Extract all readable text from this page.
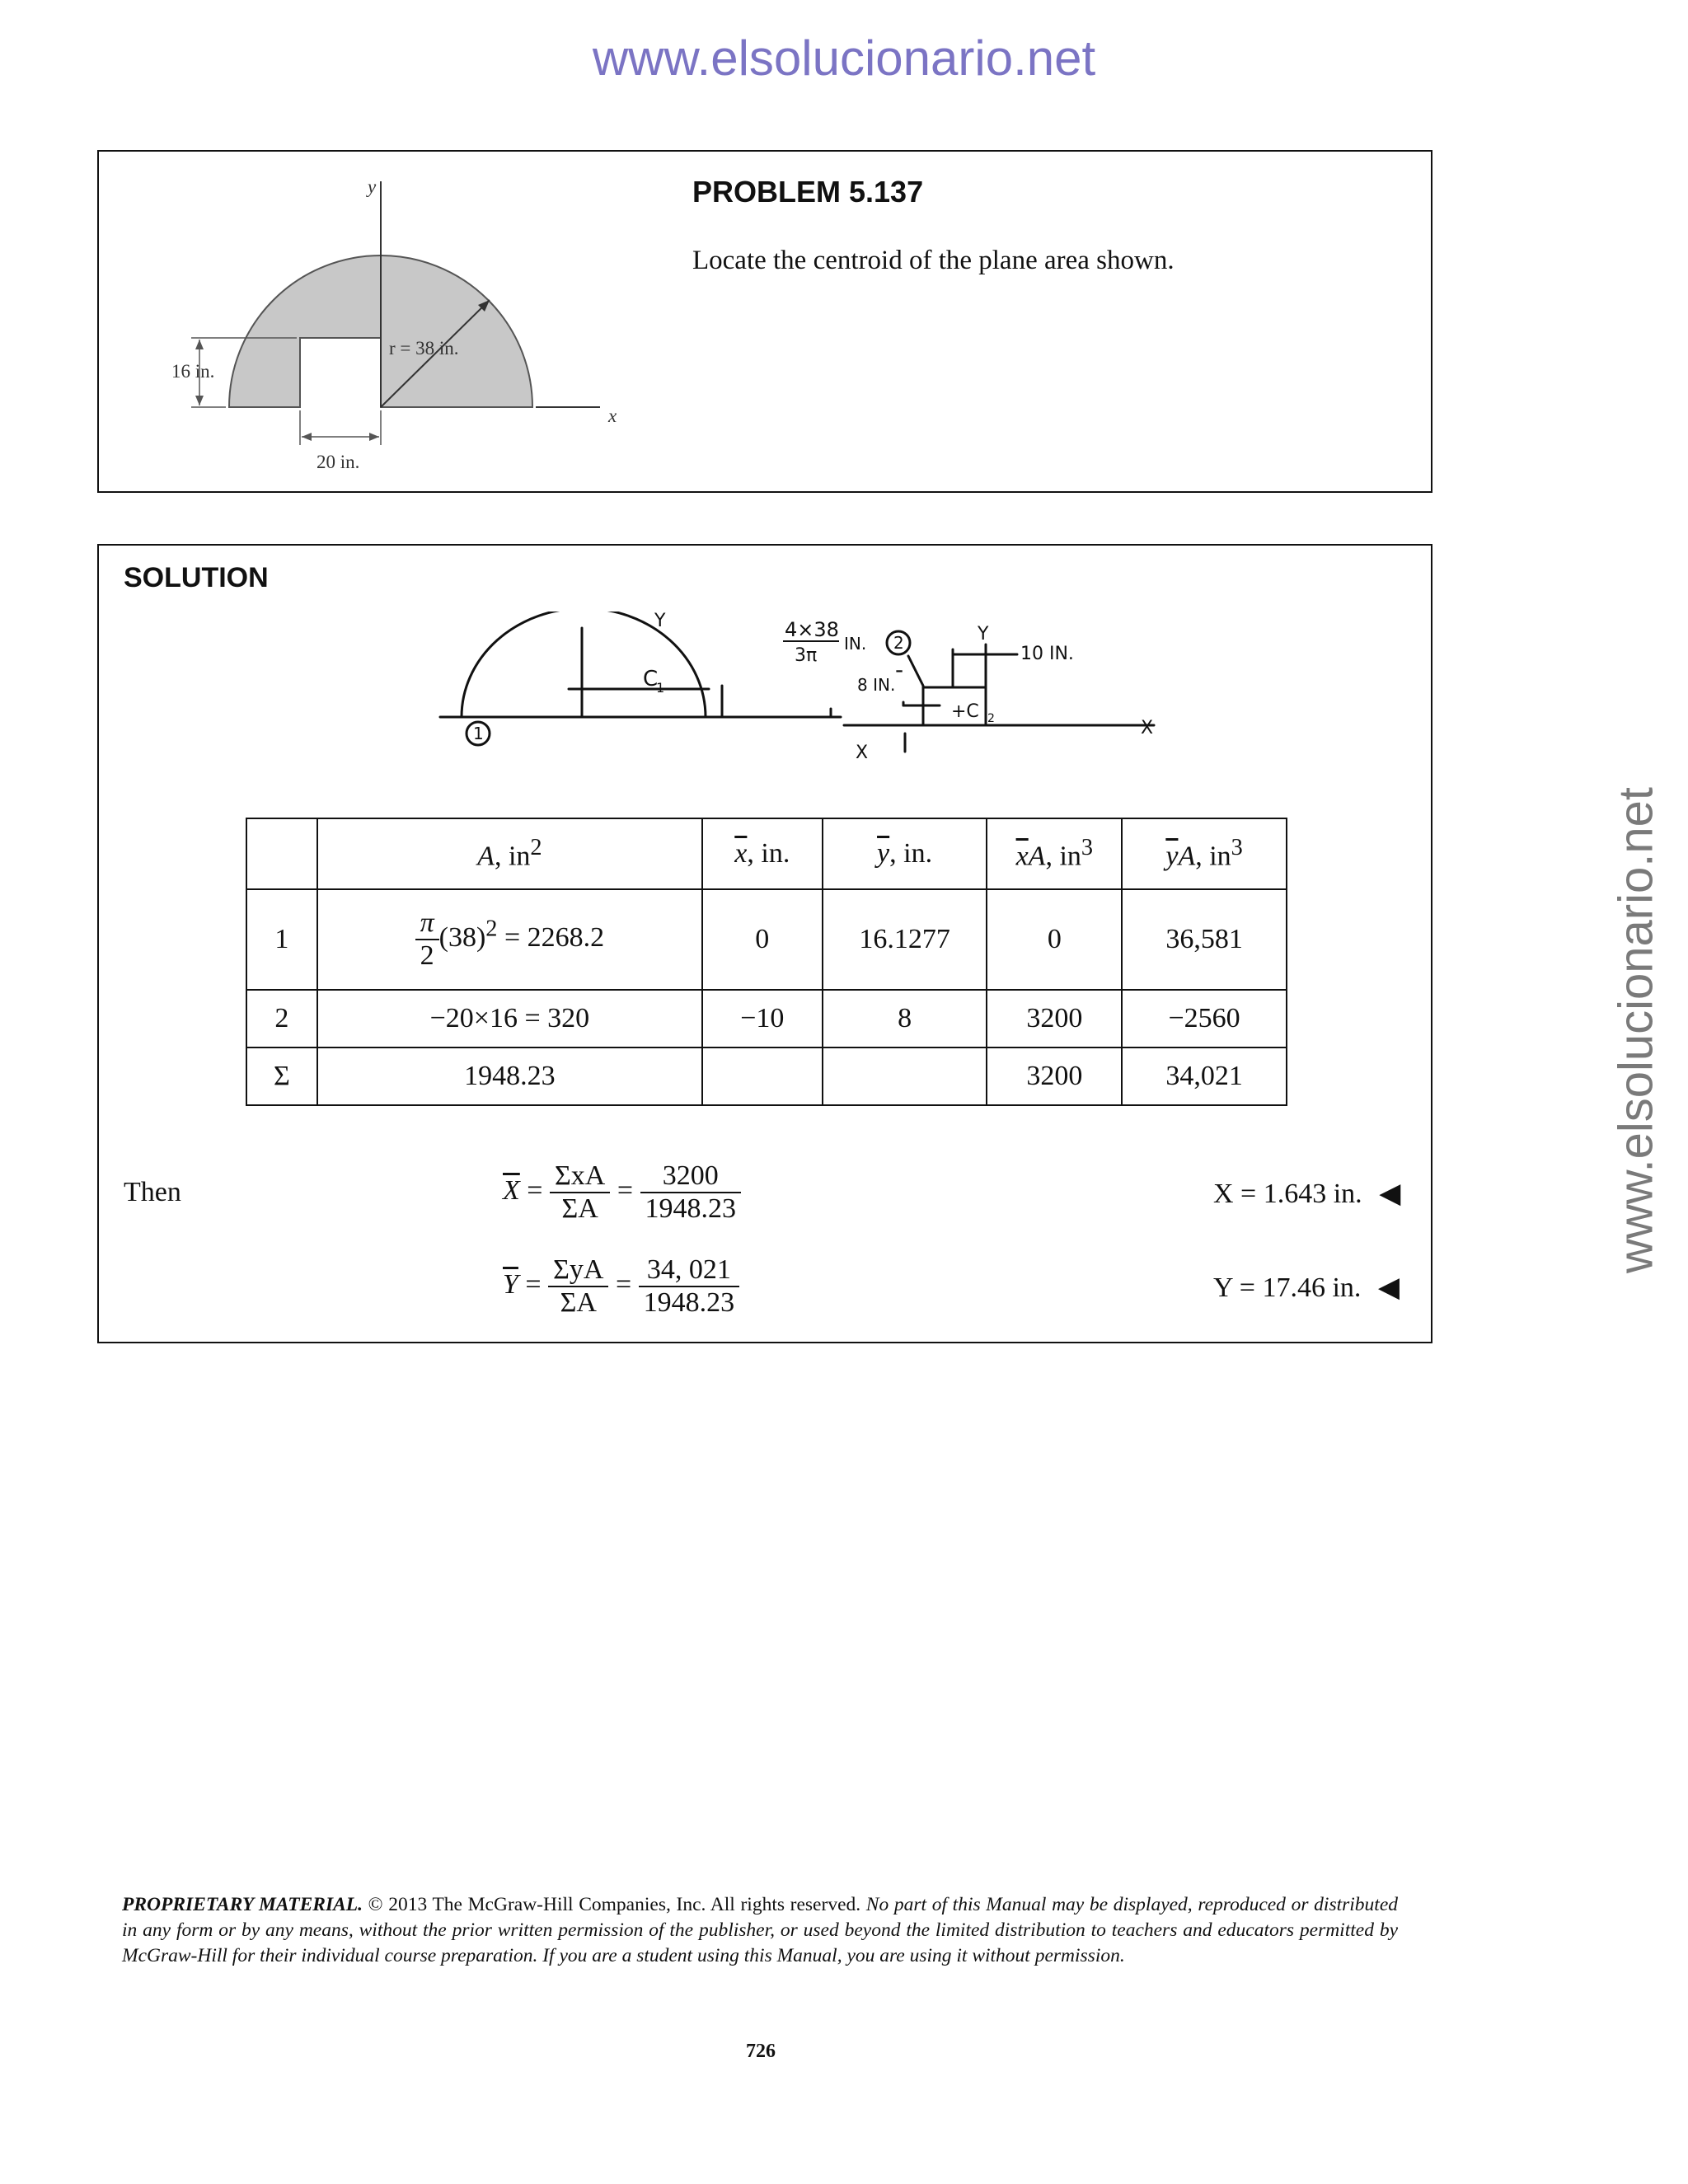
www.elsolucionario.net
www.elsolucionario.net
y
x
r = 38 in.
16 in.
20 in.
PROBLEM 5.137
Locate the centroid of the plane area shown.
SOLUTION
Y
1
C
1
4×38
3π
IN.
X
-
2	Y
10 IN.
8 IN.
+C 2	X
	A, $in^2$	$\overline{x}$, in.	$\overline{y}$, in.	$\overline{x}A$, $in^3$	$\overline{y}A$, $in^3$
1	$\frac{\pi}{2} (38)^2 = 2268.2$	0	16.1277	0	36,581
2	−20×16 = 320	−10	8	3200	−2560
Σ	1948.23			3200	34,021
Then	$\overline{X} = \frac{\text{ΣxA}}{\Sigma A} = \frac{3200}{1948.23}$	X = 1.643 in. ◀
$\overline{Y} = \frac{\text{ΣyA}}{\Sigma A} = \frac{34, 021}{1948.23}$	Y = 17.46 in. ◀
PROPRIETARY MATERIAL. © 2013 The McGraw-Hill Companies, Inc. All rights reserved. No part of this Manual may be displayed, reproduced or distributed in any form or by any means, without the prior written permission of the publisher, or used beyond the limited distribution to teachers and educators permitted by McGraw-Hill for their individual course preparation. If you are a student using this Manual, you are using it without permission.
726
